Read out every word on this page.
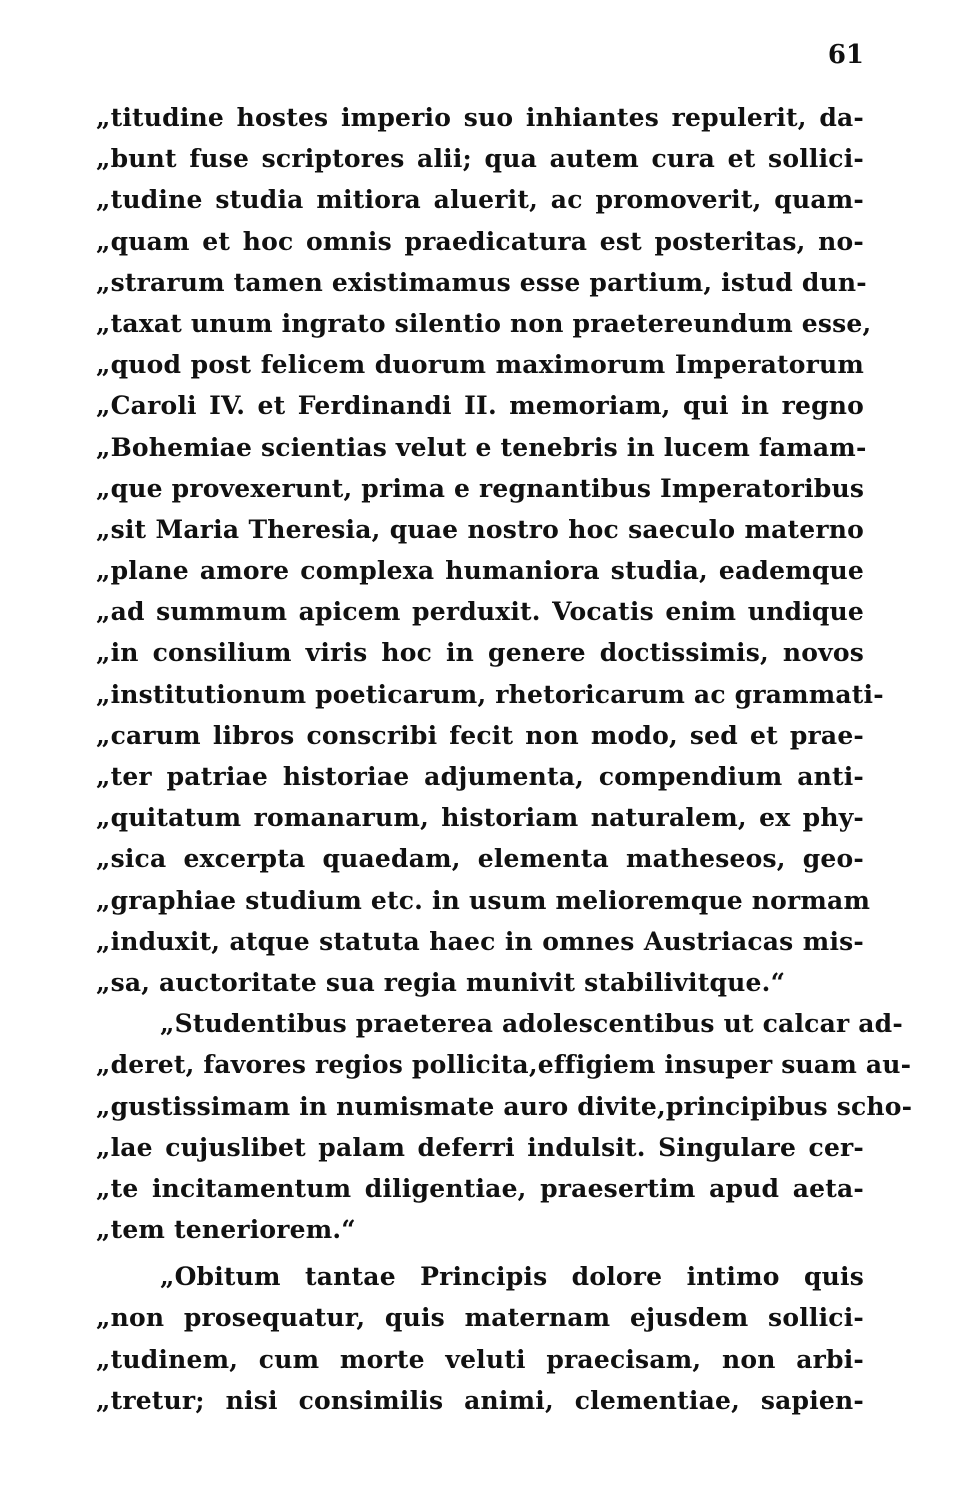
61
„titudine hostes imperio suo inhiantes repulerit, da-
„bunt fuse scriptores alii; qua autem cura et sollici-
„tudine studia mitiora aluerit, ac promoverit, quam-
„quam et hoc omnis praedicatura est posteritas, no-
„strarum tamen existimamus esse partium, istud dun-
„taxat unum ingrato silentio non praetereundum esse,
„quod post felicem duorum maximorum Imperatorum
„Caroli IV. et Ferdinandi II. memoriam, qui in regno
„Bohemiae scientias velut e tenebris in lucem famam-
„que provexerunt, prima e regnantibus Imperatoribus
„sit Maria Theresia, quae nostro hoc saeculo materno
„plane amore complexa humaniora studia, eademque
„ad summum apicem perduxit. Vocatis enim undique
„in consilium viris hoc in genere doctissimis, novos
„institutionum poeticarum, rhetoricarum ac grammati-
„carum libros conscribi fecit non modo, sed et prae-
„ter patriae historiae adjumenta, compendium anti-
„quitatum romanarum, historiam naturalem, ex phy-
„sica excerpta quaedam, elementa matheseos, geo-
„graphiae studium etc. in usum melioremque normam
„induxit, atque statuta haec in omnes Austriacas mis-
„sa, auctoritate sua regia munivit stabilivitque.“
„Studentibus praeterea adolescentibus ut calcar ad-
„deret, favores regios pollicita,effigiem insuper suam au-
„gustissimam in numismate auro divite,principibus scho-
„lae cujuslibet palam deferri indulsit. Singulare cer-
„te incitamentum diligentiae, praesertim apud aeta-
„tem teneriorem.“
„Obitum tantae Principis dolore intimo quis
„non prosequatur, quis maternam ejusdem sollici-
„tudinem, cum morte veluti praecisam, non arbi-
„tretur; nisi consimilis animi, clementiae, sapien-
